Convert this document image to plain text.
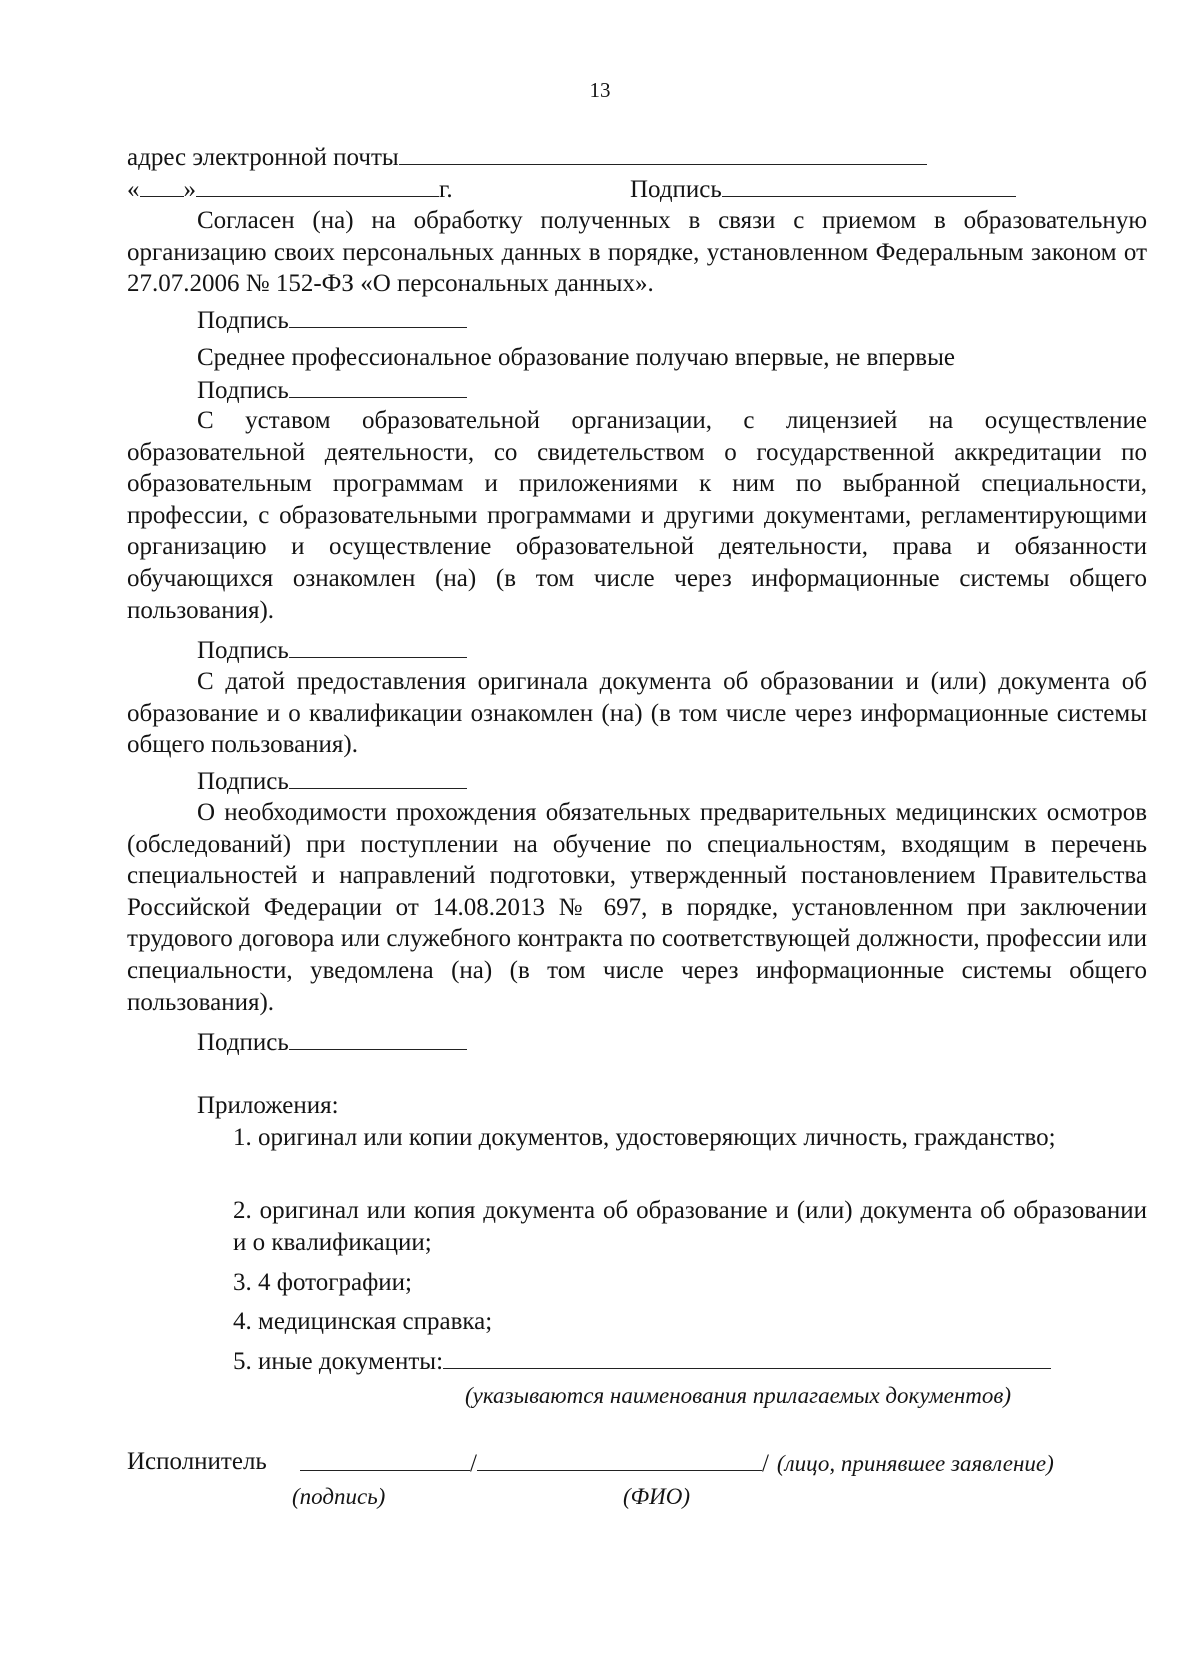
13
адрес электронной почты
« »	г.	Подпись
Согласен (на) на обработку полученных в связи с приемом в образовательную организацию своих персональных данных в порядке, установленном Федеральным законом от 27.07.2006 № 152-ФЗ «О персональных данных».
Подпись
Среднее профессиональное образование получаю впервые, не впервые
Подпись
С уставом образовательной организации, с лицензией на осуществление образовательной деятельности, со свидетельством о государственной аккредитации по образовательным программам и приложениями к ним по выбранной специальности, профессии, с образовательными программами и другими документами, регламентирующими организацию и осуществление образовательной деятельности, права и обязанности обучающихся ознакомлен (на) (в том числе через информационные системы общего пользования).
Подпись
С датой предоставления оригинала документа об образовании и (или) документа об образование и о квалификации ознакомлен (на) (в том числе через информационные системы общего пользования).
Подпись
О необходимости прохождения обязательных предварительных медицинских осмотров (обследований) при поступлении на обучение по специальностям, входящим в перечень специальностей и направлений подготовки, утвержденный постановлением Правительства Российской Федерации от 14.08.2013 № 697, в порядке, установленном при заключении трудового договора или служебного контракта по соответствующей должности, профессии или специальности, уведомлена (на) (в том числе через информационные системы общего пользования).
Подпись
Приложения:
1. оригинал или копии документов, удостоверяющих личность, гражданство;
2. оригинал или копия документа об образование и (или) документа об образовании и о квалификации;
3. 4 фотографии;
4. медицинская справка;
5. иные документы:
(указываются наименования прилагаемых документов)
Исполнитель	/	/ (лицо, принявшее заявление)
(подпись)	(ФИО)
